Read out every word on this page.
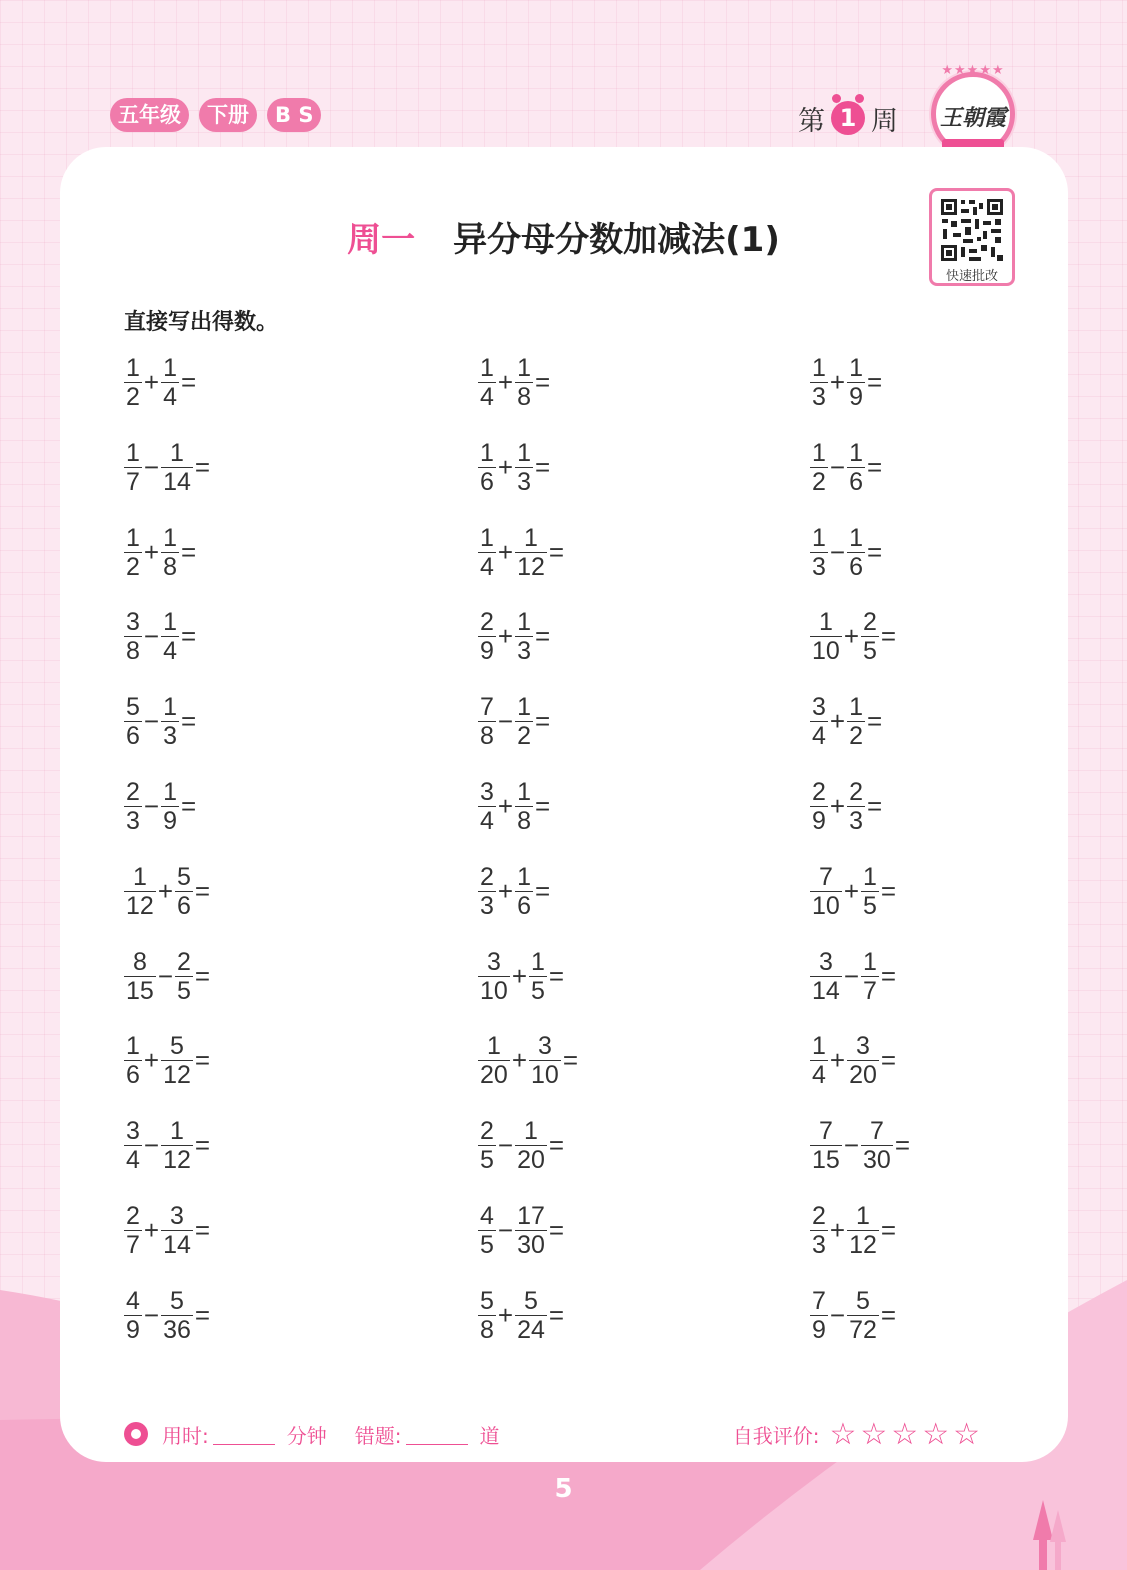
五年级	下册	B S	第 1 周
★★★★★
王朝霞
快速批改
周一 异分母分数加减法(1)
直接写出得数。
$\frac{1}{2} + \frac{1}{4}$ =	$\frac{1}{4} + \frac{1}{8}$ =	$\frac{1}{3} + \frac{1}{9}$ =
$\frac{1}{7} - \frac{1}{14}$ =	$\frac{1}{6} + \frac{1}{3}$ =	$\frac{1}{2} - \frac{1}{6}$ =
$\frac{1}{2} + \frac{1}{8}$ =	$\frac{1}{4} + \frac{1}{12}$ =	$\frac{1}{3} - \frac{1}{6}$ =
$\frac{3}{8} - \frac{1}{4}$ =	$\frac{2}{9} + \frac{1}{3}$ =	$\frac{1}{10} + \frac{2}{5}$ =
$\frac{5}{6} - \frac{1}{3}$ =	$\frac{7}{8} - \frac{1}{2}$ =	$\frac{3}{4} + \frac{1}{2}$ =
$\frac{2}{3} - \frac{1}{9}$ =	$\frac{3}{4} + \frac{1}{8}$ =	$\frac{2}{9} + \frac{2}{3}$ =
$\frac{1}{12} + \frac{5}{6}$ =	$\frac{2}{3} + \frac{1}{6}$ =	$\frac{7}{10} + \frac{1}{5}$ =
$\frac{8}{15} - \frac{2}{5}$ =	$\frac{3}{10} + \frac{1}{5}$ =	$\frac{3}{14} - \frac{1}{7}$ =
$\frac{1}{6} + \frac{5}{12}$ =	$\frac{1}{20} + \frac{3}{10}$ =	$\frac{1}{4} + \frac{3}{20}$ =
$\frac{3}{4} - \frac{1}{12}$ =	$\frac{2}{5} - \frac{1}{20}$ =	$\frac{7}{15} - \frac{7}{30}$ =
$\frac{2}{7} + \frac{3}{14}$ =	$\frac{4}{5} - \frac{17}{30}$ =	$\frac{2}{3} + \frac{1}{12}$ =
$\frac{4}{9} - \frac{5}{36}$ =	$\frac{5}{8} + \frac{5}{24}$ =	$\frac{7}{9} - \frac{5}{72}$ =
用时:	分钟 错题:	道	自我评价: ☆☆☆☆☆
5
